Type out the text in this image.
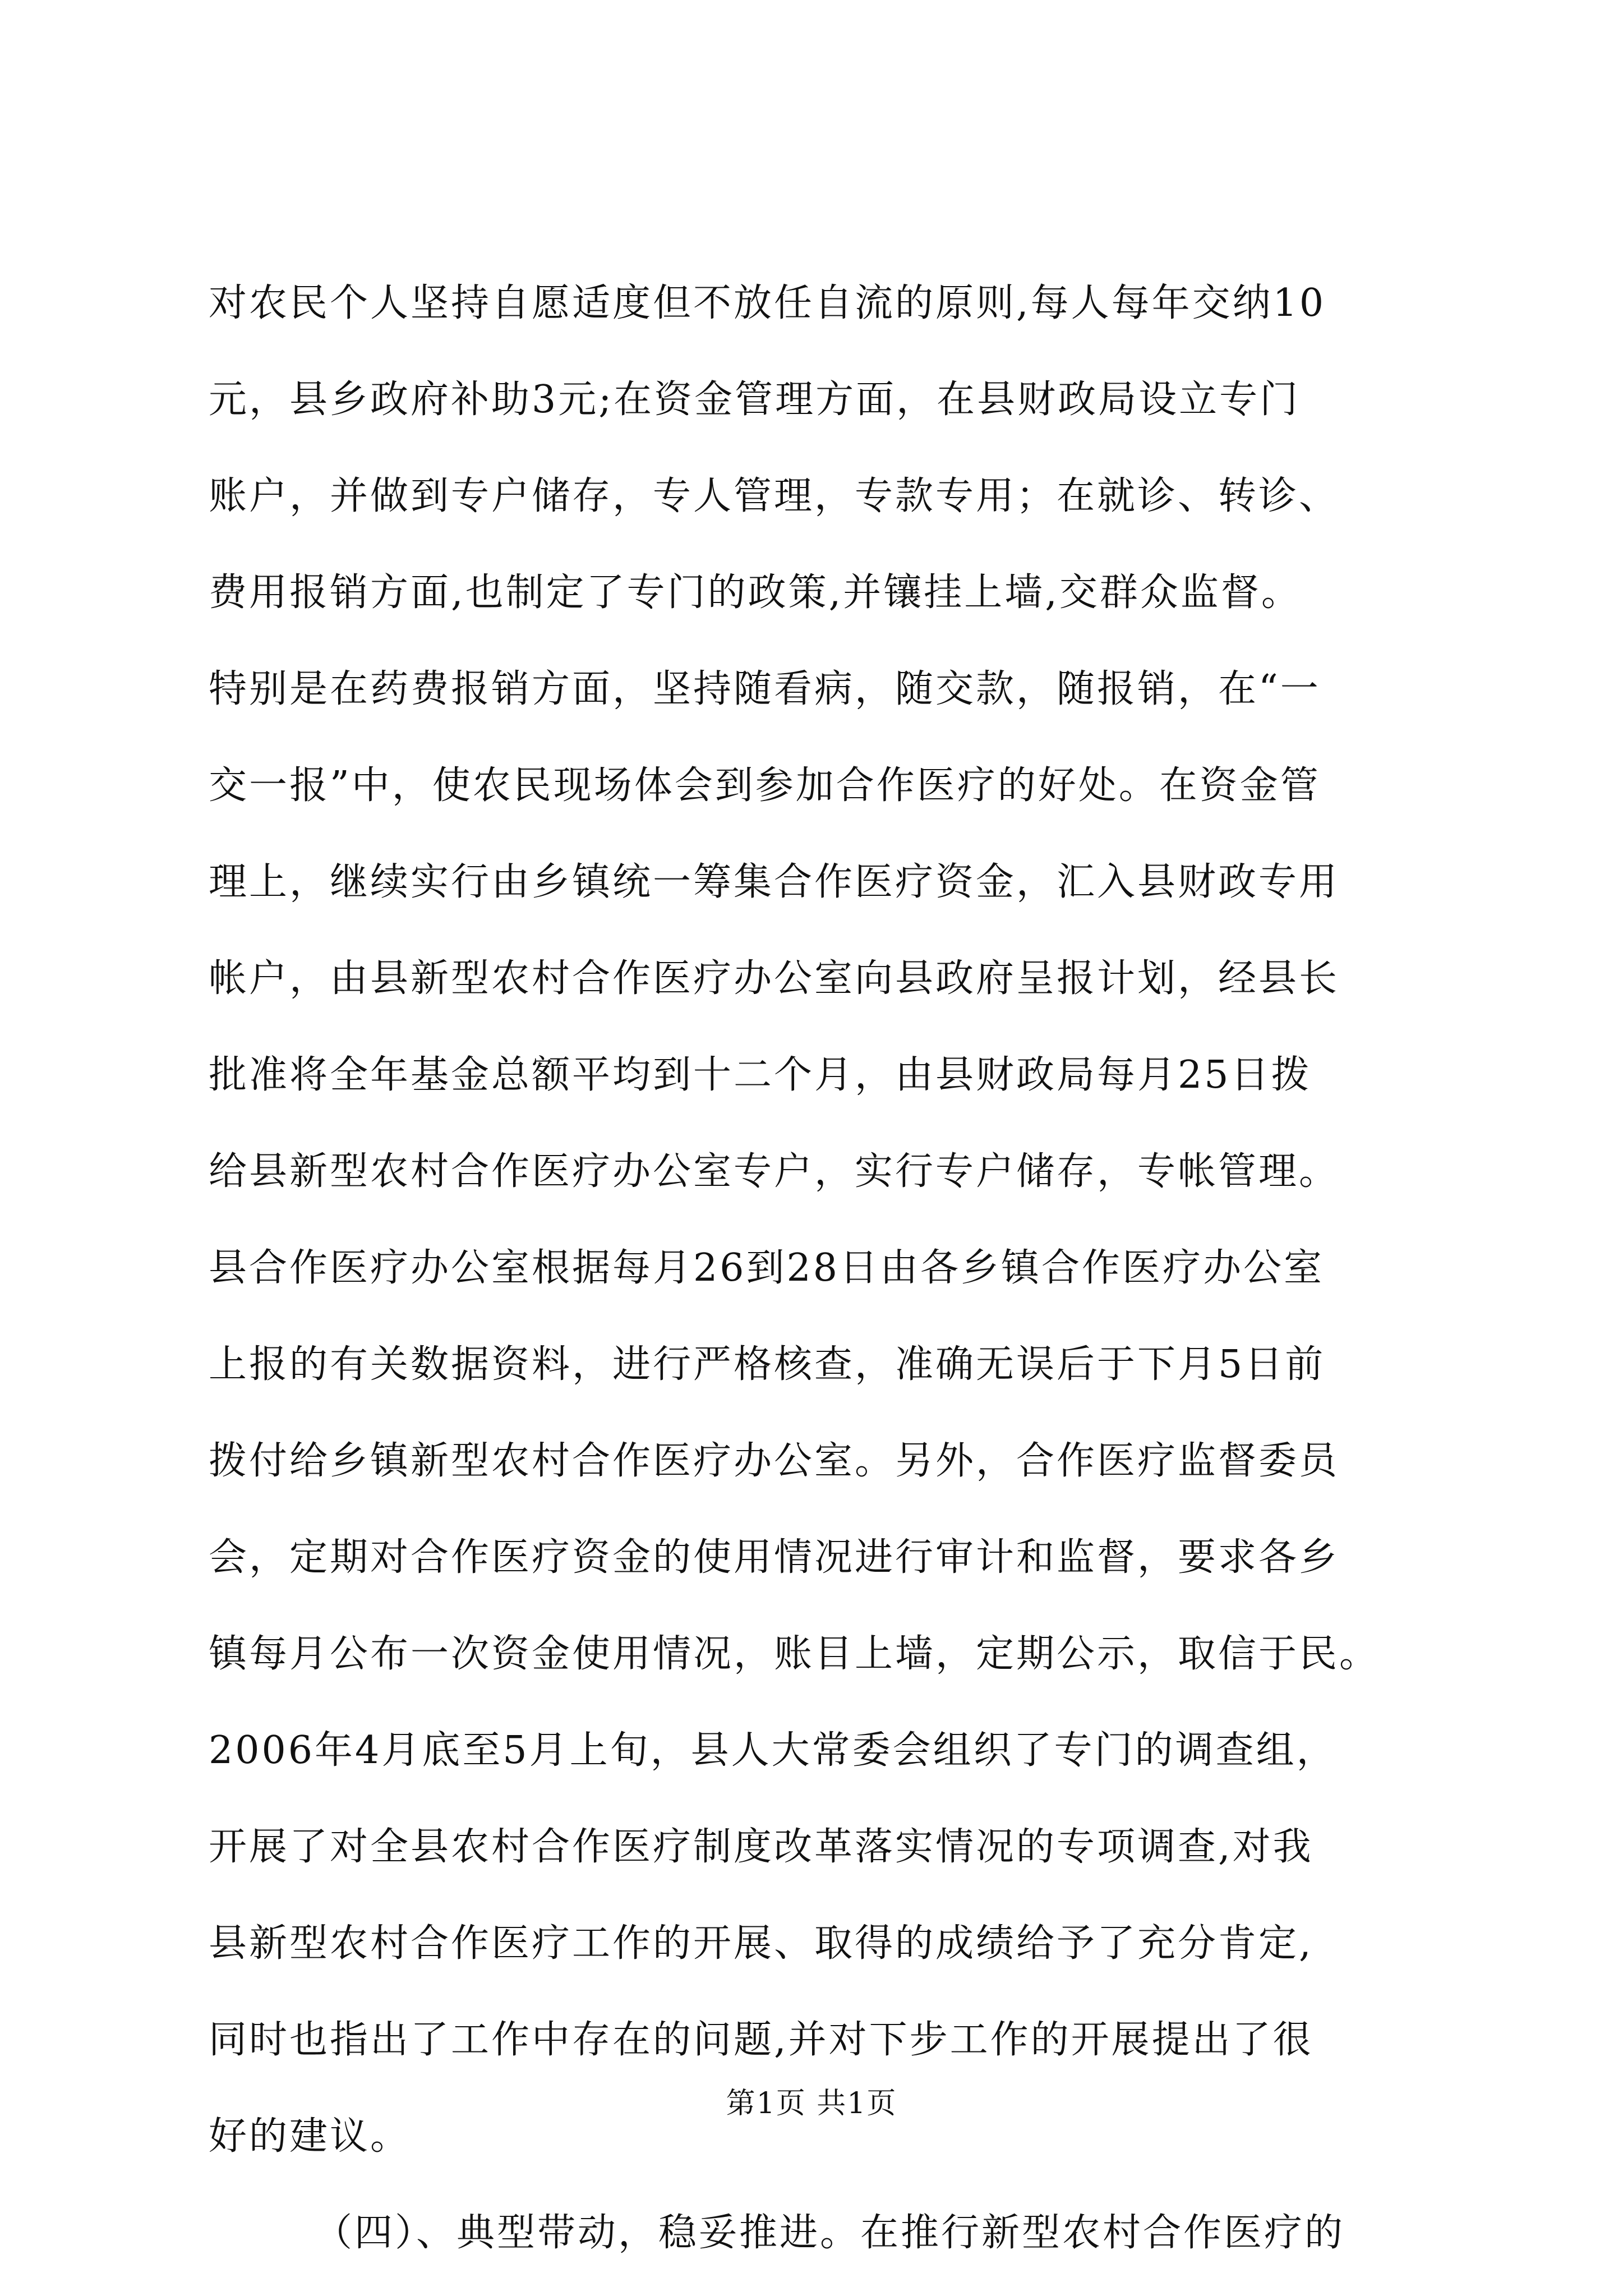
对农民个人坚持自愿适度但不放任自流的原则,每人每年交纳10
元，县乡政府补助3元;在资金管理方面，在县财政局设立专门
账户，并做到专户储存，专人管理，专款专用；在就诊、转诊、
费用报销方面,也制定了专门的政策,并镶挂上墙,交群众监督。
特别是在药费报销方面，坚持随看病，随交款，随报销，在“一
交一报”中，使农民现场体会到参加合作医疗的好处。在资金管
理上，继续实行由乡镇统一筹集合作医疗资金，汇入县财政专用
帐户，由县新型农村合作医疗办公室向县政府呈报计划，经县长
批准将全年基金总额平均到十二个月，由县财政局每月25日拨
给县新型农村合作医疗办公室专户，实行专户储存，专帐管理。
县合作医疗办公室根据每月26到28日由各乡镇合作医疗办公室
上报的有关数据资料，进行严格核查，准确无误后于下月5日前
拨付给乡镇新型农村合作医疗办公室。另外，合作医疗监督委员
会，定期对合作医疗资金的使用情况进行审计和监督，要求各乡
镇每月公布一次资金使用情况，账目上墙，定期公示，取信于民。
2006年4月底至5月上旬，县人大常委会组织了专门的调查组，
开展了对全县农村合作医疗制度改革落实情况的专项调查,对我
县新型农村合作医疗工作的开展、取得的成绩给予了充分肯定,
同时也指出了工作中存在的问题,并对下步工作的开展提出了很
好的建议。
（四）、典型带动，稳妥推进。在推行新型农村合作医疗的
第1页 共1页
